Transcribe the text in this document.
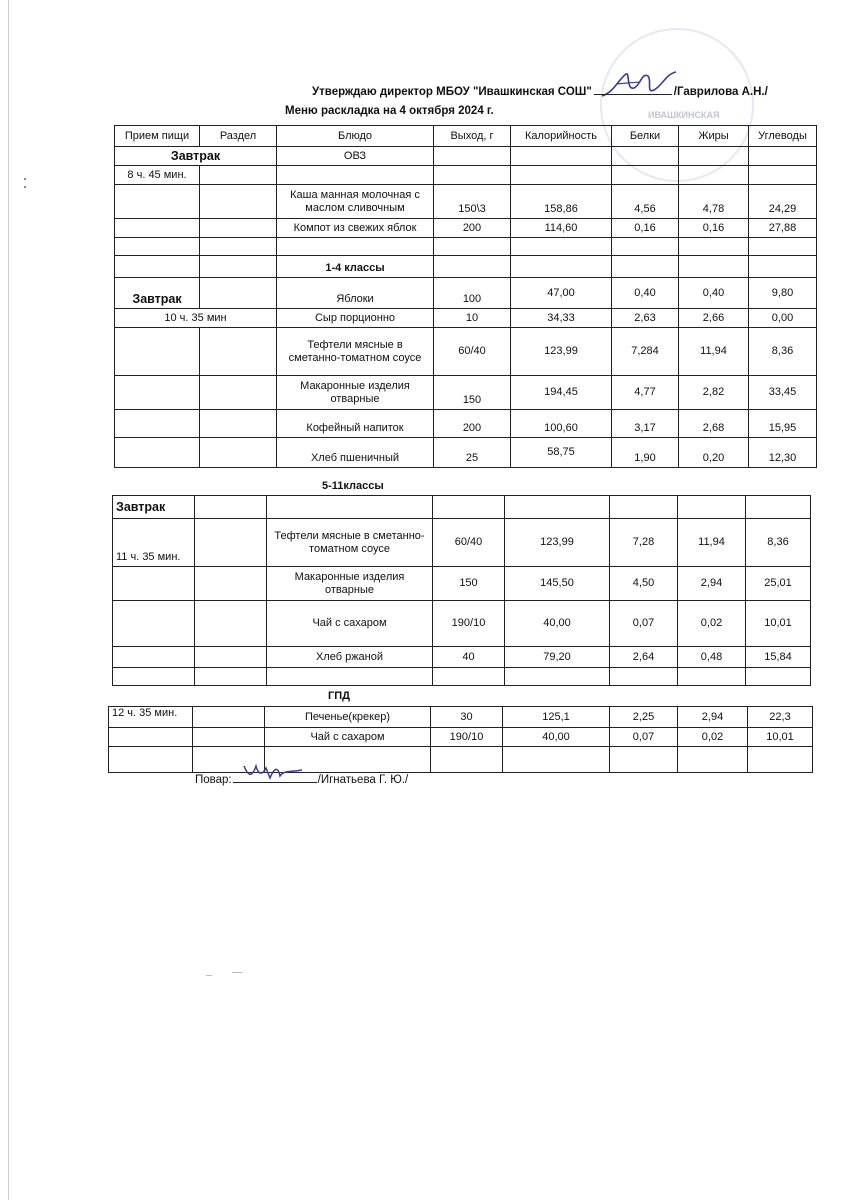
ИВАШКИНСКАЯ
Утверждаю директор МБОУ "Ивашкинская СОШ"	/Гаврилова А.Н./
Меню раскладка на 4 октября 2024 г.
Прием пищи	Раздел	Блюдо	Выход, г	Калорийность	Белки	Жиры	Углеводы
Завтрак		ОВЗ					
8 ч. 45 мин.							
		Каша манная молочная с маслом сливочным	150\3	158,86	4,56	4,78	24,29
		Компот из свежих яблок	200	114,60	0,16	0,16	27,88

		1-4 классы					
Завтрак		Яблоки	100	47,00	0,40	0,40	9,80
10 ч. 35 мин		Сыр порционно	10	34,33	2,63	2,66	0,00
		Тефтели мясные в сметанно-томатном соусе	60/40	123,99	7,284	11,94	8,36
		Макаронные изделия отварные	150	194,45	4,77	2,82	33,45
		Кофейный напиток	200	100,60	3,17	2,68	15,95
		Хлеб пшеничный	25	58,75	1,90	0,20	12,30
5-11классы
Завтрак							
11 ч. 35 мин.		Тефтели мясные в сметанно-томатном соусе	60/40	123,99	7,28	11,94	8,36
		Макаронные изделия отварные	150	145,50	4,50	2,94	25,01
		Чай с сахаром	190/10	40,00	0,07	0,02	10,01
		Хлеб ржаной	40	79,20	2,64	0,48	15,84

ГПД
12 ч. 35 мин.		Печенье(крекер)	30	125,1	2,25	2,94	22,3
		Чай с сахаром	190/10	40,00	0,07	0,02	10,01

Повар:	/Игнатьева Г. Ю./
